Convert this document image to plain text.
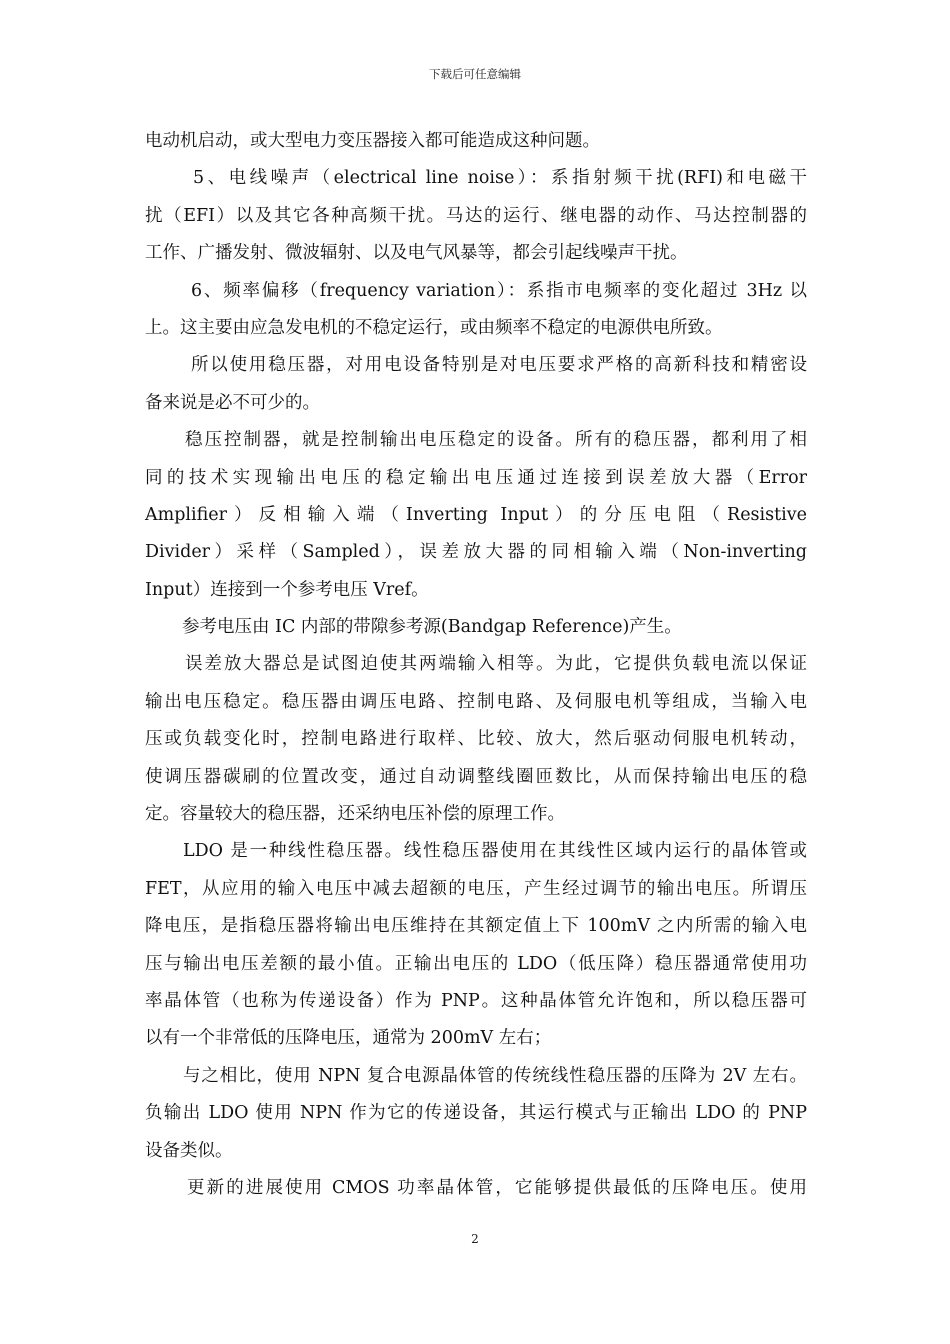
下载后可任意编辑
电动机启动，或大型电力变压器接入都可能造成这种问题。
5、电线噪声（electrical line noise）：系指射频干扰(RFI)和电磁干
扰（EFI）以及其它各种高频干扰。马达的运行、继电器的动作、马达控制器的
工作、广播发射、微波辐射、以及电气风暴等，都会引起线噪声干扰。
6、频率偏移（frequency variation）：系指市电频率的变化超过 3Hz 以
上。这主要由应急发电机的不稳定运行，或由频率不稳定的电源供电所致。
所以使用稳压器，对用电设备特别是对电压要求严格的高新科技和精密设
备来说是必不可少的。
稳压控制器，就是控制输出电压稳定的设备。所有的稳压器，都利用了相
同的技术实现输出电压的稳定输出电压通过连接到误差放大器（Error
Amplifier）反相输入端（Inverting Input）的分压电阻（Resistive
Divider）采样（Sampled），误差放大器的同相输入端（Non-inverting
Input）连接到一个参考电压 Vref。
参考电压由 IC 内部的带隙参考源(Bandgap Reference)产生。
误差放大器总是试图迫使其两端输入相等。为此，它提供负载电流以保证
输出电压稳定。稳压器由调压电路、控制电路、及伺服电机等组成，当输入电
压或负载变化时，控制电路进行取样、比较、放大，然后驱动伺服电机转动，
使调压器碳刷的位置改变，通过自动调整线圈匝数比，从而保持输出电压的稳
定。容量较大的稳压器，还采纳电压补偿的原理工作。
LDO 是一种线性稳压器。线性稳压器使用在其线性区域内运行的晶体管或
FET，从应用的输入电压中减去超额的电压，产生经过调节的输出电压。所谓压
降电压，是指稳压器将输出电压维持在其额定值上下 100mV 之内所需的输入电
压与输出电压差额的最小值。正输出电压的 LDO（低压降）稳压器通常使用功
率晶体管（也称为传递设备）作为 PNP。这种晶体管允许饱和，所以稳压器可
以有一个非常低的压降电压，通常为 200mV 左右；
与之相比，使用 NPN 复合电源晶体管的传统线性稳压器的压降为 2V 左右。
负输出 LDO 使用 NPN 作为它的传递设备，其运行模式与正输出 LDO 的 PNP
设备类似。
更新的进展使用 CMOS 功率晶体管，它能够提供最低的压降电压。使用
2
